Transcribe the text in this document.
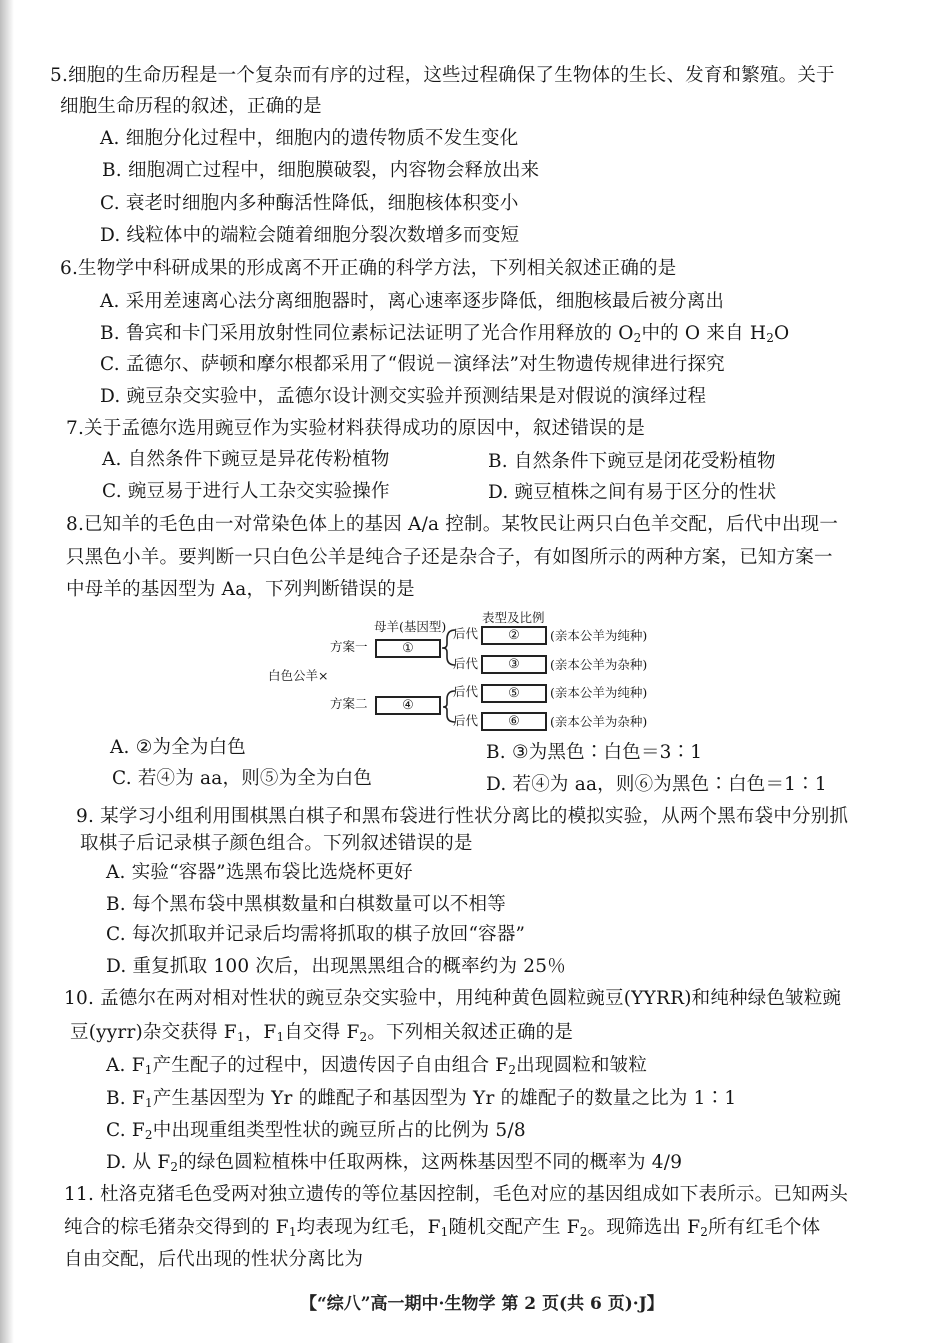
5.细胞的生命历程是一个复杂而有序的过程，这些过程确保了生物体的生长、发育和繁殖。关于
细胞生命历程的叙述，正确的是
A. 细胞分化过程中，细胞内的遗传物质不发生变化
B. 细胞凋亡过程中，细胞膜破裂，内容物会释放出来
C. 衰老时细胞内多种酶活性降低，细胞核体积变小
D. 线粒体中的端粒会随着细胞分裂次数增多而变短
6.生物学中科研成果的形成离不开正确的科学方法，下列相关叙述正确的是
A. 采用差速离心法分离细胞器时，离心速率逐步降低，细胞核最后被分离出
B. 鲁宾和卡门采用放射性同位素标记法证明了光合作用释放的 $O_2$中的 O 来自 $H_2O$
C. 孟德尔、萨顿和摩尔根都采用了“假说－演绎法”对生物遗传规律进行探究
D. 豌豆杂交实验中，孟德尔设计测交实验并预测结果是对假说的演绎过程
7.关于孟德尔选用豌豆作为实验材料获得成功的原因中，叙述错误的是
A. 自然条件下豌豆是异花传粉植物	B. 自然条件下豌豆是闭花受粉植物
C. 豌豆易于进行人工杂交实验操作	D. 豌豆植株之间有易于区分的性状
8.已知羊的毛色由一对常染色体上的基因 A/a 控制。某牧民让两只白色羊交配，后代中出现一
只黑色小羊。要判断一只白色公羊是纯合子还是杂合子，有如图所示的两种方案，已知方案一
中母羊的基因型为 Aa，下列判断错误的是
母羊(基因型)
表型及比例
方案一
白色公羊×
方案二
①
④
后代
后代
后代
后代
②
③
⑤
⑥
(亲本公羊为纯种)
(亲本公羊为杂种)
(亲本公羊为纯种)
(亲本公羊为杂种)
A. ②为全为白色	B. ③为黑色∶白色＝3∶1
C. 若④为 aa，则⑤为全为白色	D. 若④为 aa，则⑥为黑色∶白色＝1∶1
9. 某学习小组利用围棋黑白棋子和黑布袋进行性状分离比的模拟实验，从两个黑布袋中分别抓
取棋子后记录棋子颜色组合。下列叙述错误的是
A. 实验“容器”选黑布袋比选烧杯更好
B. 每个黑布袋中黑棋数量和白棋数量可以不相等
C. 每次抓取并记录后均需将抓取的棋子放回“容器”
D. 重复抓取 100 次后，出现黑黑组合的概率约为 25％
10. 孟德尔在两对相对性状的豌豆杂交实验中，用纯种黄色圆粒豌豆(YYRR)和纯种绿色皱粒豌
豆(yyrr)杂交获得 $F_1$，$F_1$自交得 $F_2$。下列相关叙述正确的是
A. $F_1$产生配子的过程中，因遗传因子自由组合 $F_2$出现圆粒和皱粒
B. $F_1$产生基因型为 Yr 的雌配子和基因型为 Yr 的雄配子的数量之比为 1∶1
C. $F_2$中出现重组类型性状的豌豆所占的比例为 5/8
D. 从 $F_2$的绿色圆粒植株中任取两株，这两株基因型不同的概率为 4/9
11. 杜洛克猪毛色受两对独立遗传的等位基因控制，毛色对应的基因组成如下表所示。已知两头
纯合的棕毛猪杂交得到的 $F_1$均表现为红毛，$F_1$随机交配产生 $F_2$。现筛选出 $F_2$所有红毛个体
自由交配，后代出现的性状分离比为
【“综八”高一期中·生物学 第 2 页(共 6 页)·J】
